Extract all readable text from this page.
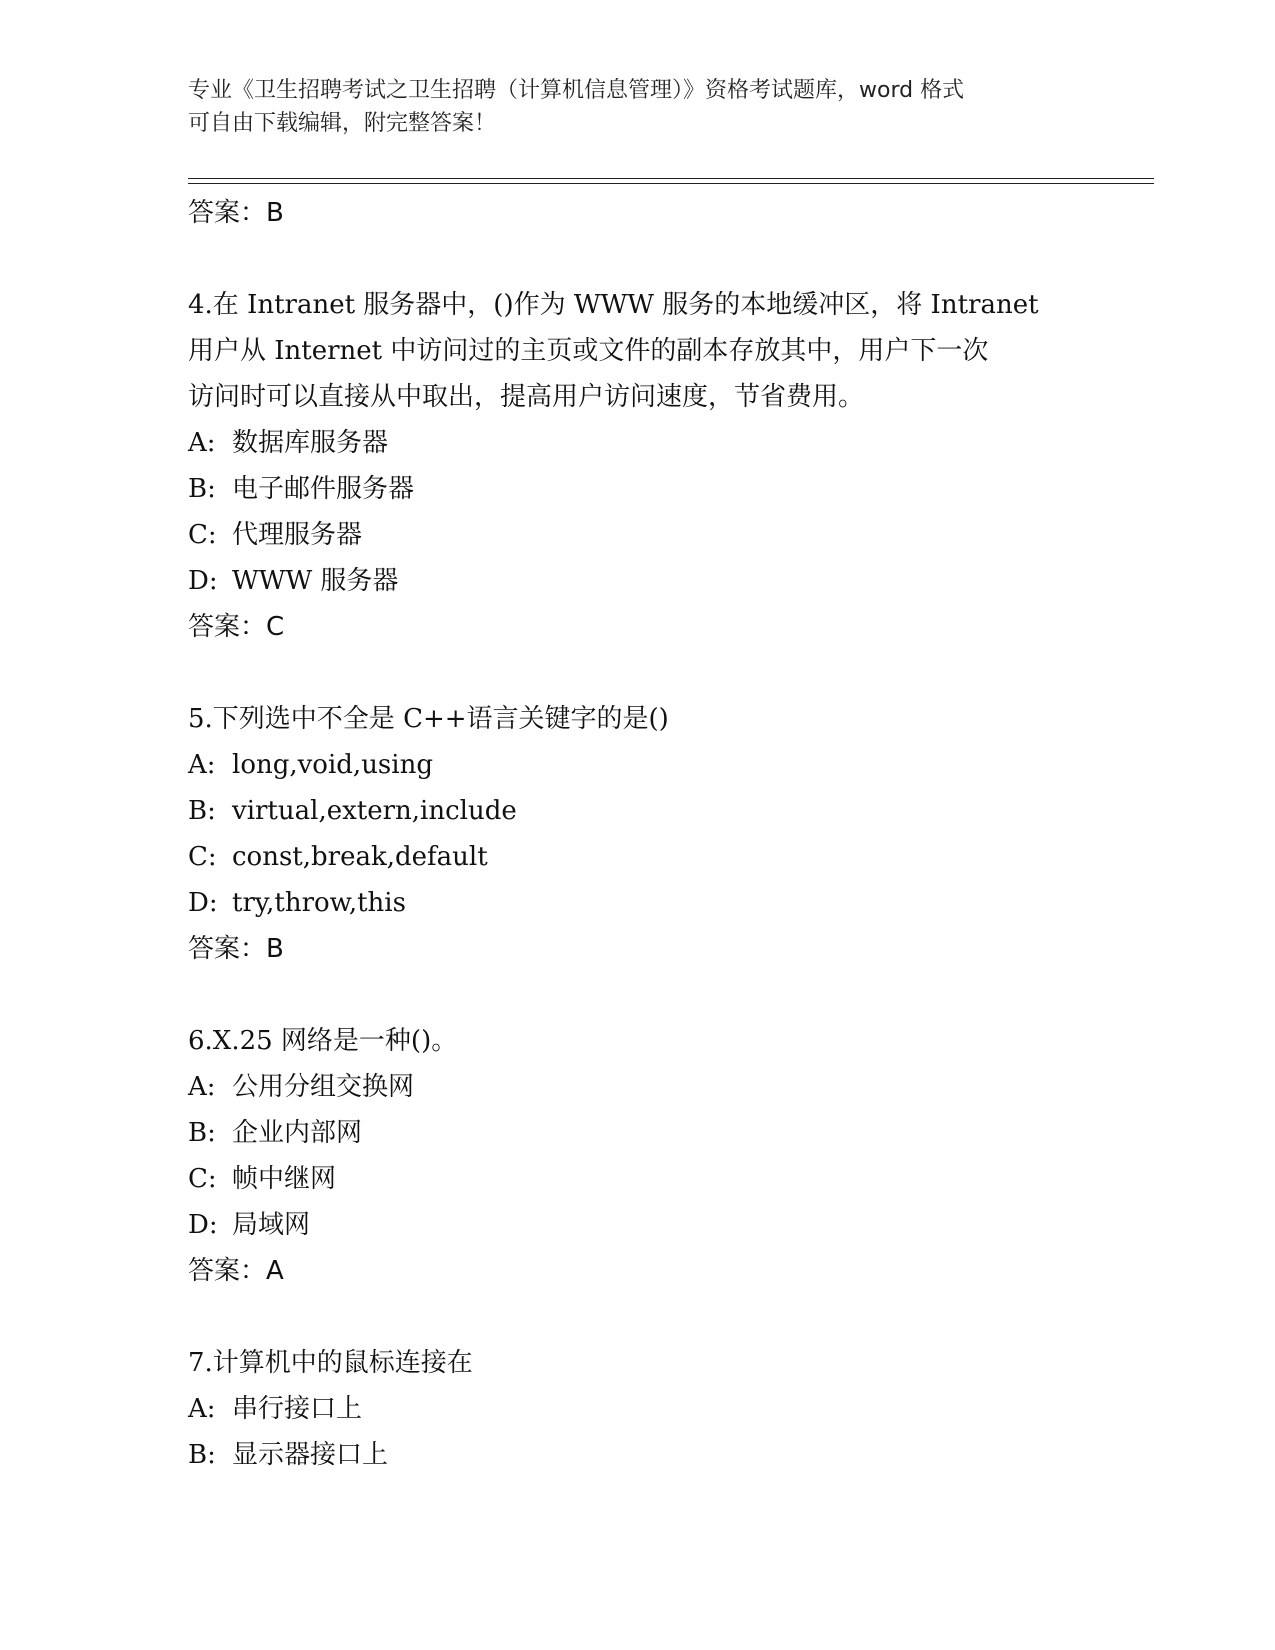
专业《卫生招聘考试之卫生招聘（计算机信息管理）》资格考试题库，word 格式
可自由下载编辑，附完整答案！
答案：B
4.在 Intranet 服务器中，()作为 WWW 服务的本地缓冲区，将 Intranet
用户从 Internet 中访问过的主页或文件的副本存放其中，用户下一次
访问时可以直接从中取出，提高用户访问速度，节省费用。
A: 数据库服务器
B: 电子邮件服务器
C: 代理服务器
D: WWW 服务器
答案：C
5.下列选中不全是 C++语言关键字的是()
A: long,void,using
B: virtual,extern,include
C: const,break,default
D: try,throw,this
答案：B
6.X.25 网络是一种()。
A: 公用分组交换网
B: 企业内部网
C: 帧中继网
D: 局域网
答案：A
7.计算机中的鼠标连接在
A: 串行接口上
B: 显示器接口上
